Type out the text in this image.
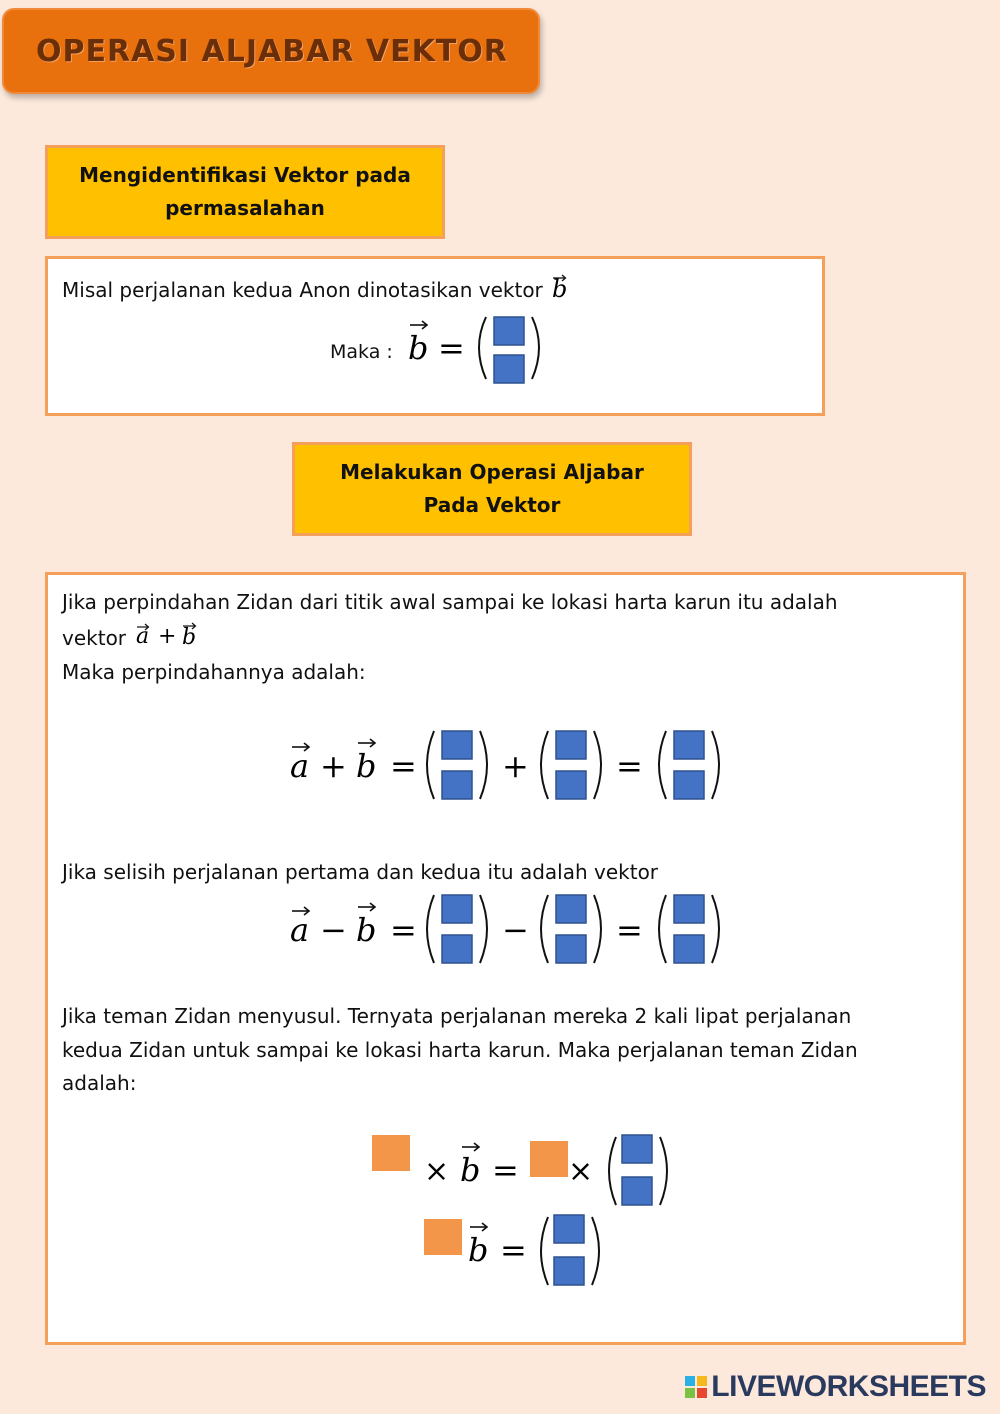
OPERASI ALJABAR VEKTOR
Mengidentifikasi Vektor pada
permasalahan
Misal perjalanan kedua Anon dinotasikan vektor b
Maka : b =
Melakukan Operasi Aljabar
Pada Vektor
Jika perpindahan Zidan dari titik awal sampai ke lokasi harta karun itu adalah
vektor a + b
Maka perpindahannya adalah:
a + b =	+	=
Jika selisih perjalanan pertama dan kedua itu adalah vektor
a − b =	−	=
Jika teman Zidan menyusul. Ternyata perjalanan mereka 2 kali lipat perjalanan
kedua Zidan untuk sampai ke lokasi harta karun. Maka perjalanan teman Zidan
adalah:
× b = ×
b =
LIVEWORKSHEETS
